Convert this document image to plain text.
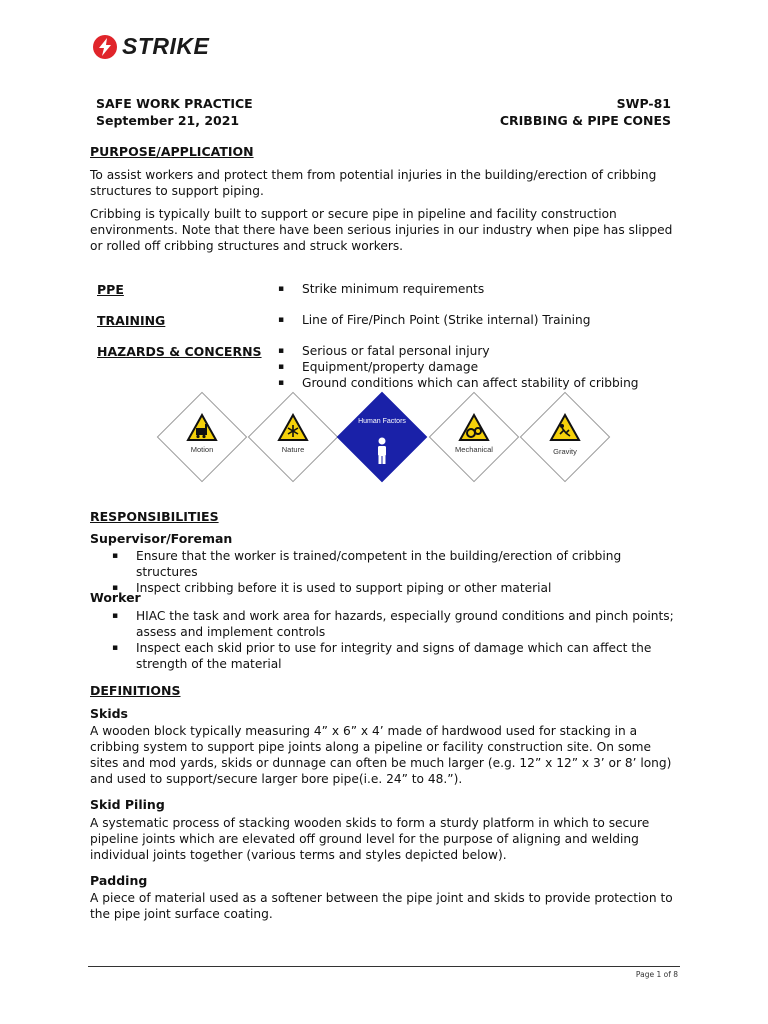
STRIKE
SAFE WORK PRACTICE	SWP-81
September 21, 2021	CRIBBING & PIPE CONES
PURPOSE/APPLICATION
To assist workers and protect them from potential injuries in the building/erection of cribbing structures to support piping.
Cribbing is typically built to support or secure pipe in pipeline and facility construction environments. Note that there have been serious injuries in our industry when pipe has slipped or rolled off cribbing structures and struck workers.
PPE	▪ Strike minimum requirements
TRAINING	▪ Line of Fire/Pinch Point (Strike internal) Training
HAZARDS & CONCERNS	▪ Serious or fatal personal injury
▪ Equipment/property damage
▪ Ground conditions which can affect stability of cribbing
Motion	Nature
Human Factors
Mechanical	Gravity
RESPONSIBILITIES
Supervisor/Foreman
▪ Ensure that the worker is trained/competent in the building/erection of cribbing structures
▪ Inspect cribbing before it is used to support piping or other material
Worker
▪ HIAC the task and work area for hazards, especially ground conditions and pinch points; assess and implement controls
▪ Inspect each skid prior to use for integrity and signs of damage which can affect the strength of the material
DEFINITIONS
Skids
A wooden block typically measuring 4” x 6” x 4’ made of hardwood used for stacking in a cribbing system to support pipe joints along a pipeline or facility construction site. On some sites and mod yards, skids or dunnage can often be much larger (e.g. 12” x 12” x 3’ or 8’ long) and used to support/secure larger bore pipe(i.e. 24” to 48.”).
Skid Piling
A systematic process of stacking wooden skids to form a sturdy platform in which to secure pipeline joints which are elevated off ground level for the purpose of aligning and welding individual joints together (various terms and styles depicted below).
Padding
A piece of material used as a softener between the pipe joint and skids to provide protection to the pipe joint surface coating.
Page 1 of 8
